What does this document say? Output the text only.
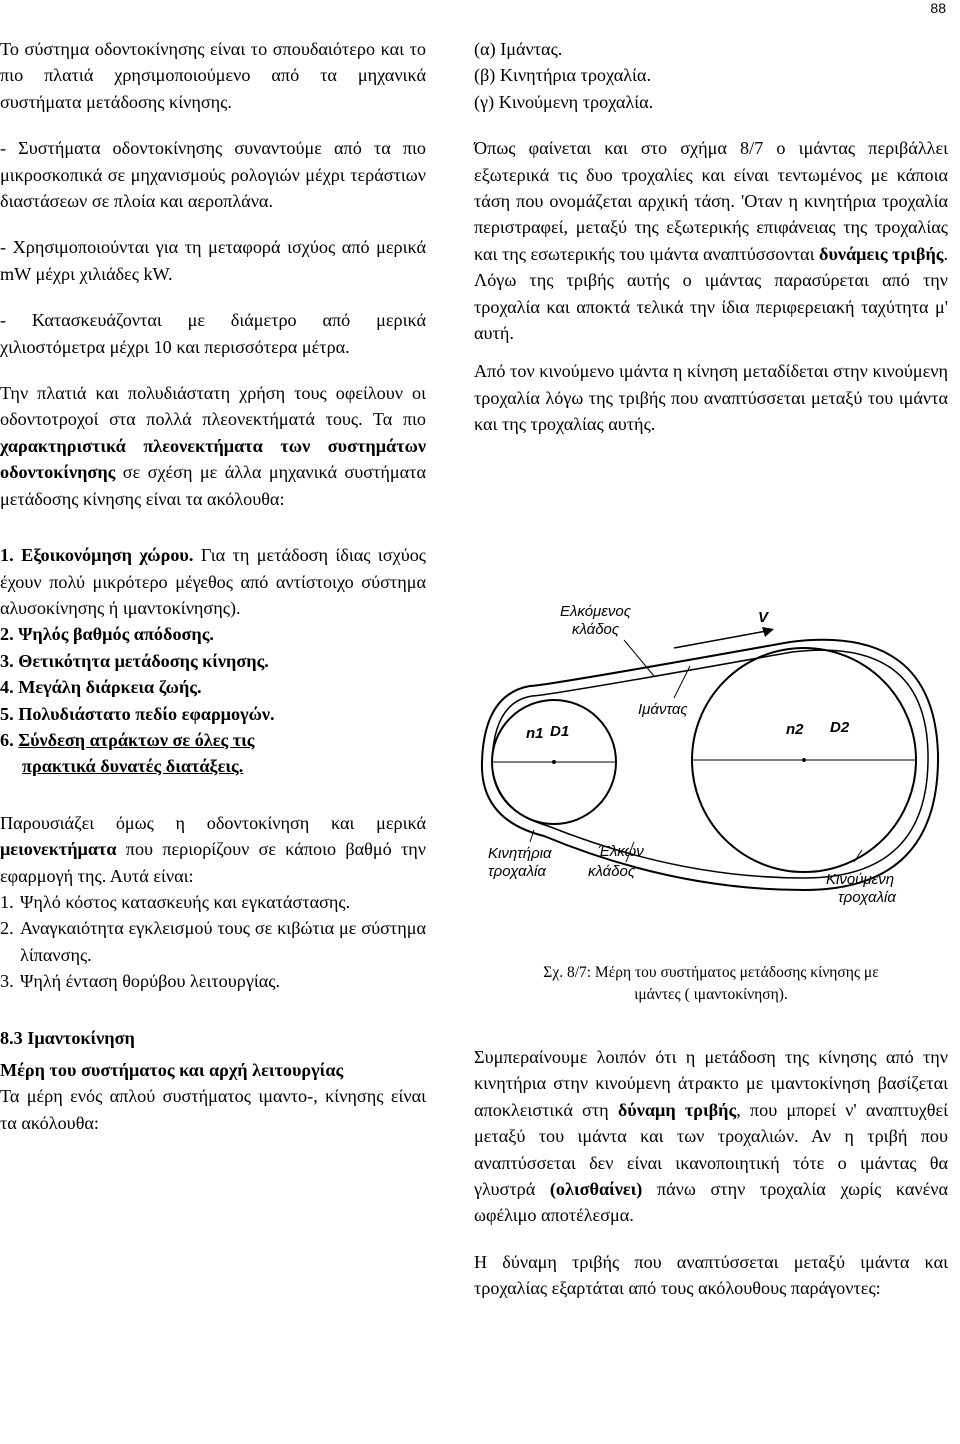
88

Το σύστημα οδοντοκίνησης είναι το σπουδαιότερο και το πιο πλατιά χρησιμοποιούμενο από τα μηχανικά συστήματα μετάδοσης κίνησης.

- Συστήματα οδοντοκίνησης συναντούμε από τα πιο μικροσκοπικά σε μηχανισμούς ρολογιών μέχρι τεράστιων διαστάσεων σε πλοία και αεροπλάνα.

- Χρησιμοποιούνται για τη μεταφορά ισχύος από μερικά mW μέχρι χιλιάδες kW.

- Κατασκευάζονται με διάμετρο από μερικά χιλιοστόμετρα μέχρι 10 και περισσότερα μέτρα.

Την πλατιά και πολυδιάστατη χρήση τους οφείλουν οι οδοντοτροχοί στα πολλά πλεονεκτήματά τους. Τα πιο χαρακτηριστικά πλεονεκτήματα των συστημάτων οδοντοκίνησης σε σχέση με άλλα μηχανικά συστήματα μετάδοσης κίνησης είναι τα ακόλουθα:

1. Εξοικονόμηση χώρου. Για τη μετάδοση ίδιας ισχύος έχουν πολύ μικρότερο μέγεθος από αντίστοιχο σύστημα αλυσοκίνησης ή ιμαντοκίνησης).

2. Ψηλός βαθμός απόδοσης.

3. Θετικότητα μετάδοσης κίνησης.

4. Μεγάλη διάρκεια ζωής.

5. Πολυδιάστατο πεδίο εφαρμογών.

6. Σύνδεση ατράκτων σε όλες τις
πρακτικά δυνατές διατάξεις.

Παρουσιάζει όμως η οδοντοκίνηση και μερικά μειονεκτήματα που περιορίζουν σε κάποιο βαθμό την εφαρμογή της. Αυτά είναι:

1. Ψηλό κόστος κατασκευής και εγκατάστασης.

2. Αναγκαιότητα εγκλεισμού τους σε κιβώτια με σύστημα λίπανσης.

3. Ψηλή ένταση θορύβου λειτουργίας.

8.3 Ιμαντοκίνηση

Μέρη του συστήματος και αρχή λειτουργίας

Τα μέρη ενός απλού συστήματος ιμαντο-, κίνησης είναι τα ακόλουθα:

(α) Ιμάντας.

(β) Κινητήρια τροχαλία.

(γ) Κινούμενη τροχαλία.

Όπως φαίνεται και στο σχήμα 8/7 ο ιμάντας περιβάλλει εξωτερικά τις δυο τροχαλίες και είναι τεντωμένος με κάποια τάση που ονομάζεται αρχική τάση. 'Οταν η κινητήρια τροχαλία περιστραφεί, μεταξύ της εξωτερικής επιφάνειας της τροχαλίας και της εσωτερικής του ιμάντα αναπτύσσονται δυνάμεις τριβής. Λόγω της τριβής αυτής ο ιμάντας παρασύρεται από την τροχαλία και αποκτά τελικά την ίδια περιφερειακή ταχύτητα μ' αυτή.

Από τον κινούμενο ιμάντα η κίνηση μεταδίδεται στην κινούμενη τροχαλία λόγω της τριβής που αναπτύσσεται μεταξύ του ιμάντα και της τροχαλίας αυτής.

Ελκόμενος
κλάδος
V
Ιμάντας
n1 D1	n2 D2
Κινητήρια
τροχαλία
Έλκων
κλάδος	Κινούμενη
τροχαλία

Σχ. 8/7: Μέρη του συστήματος μετάδοσης κίνησης με

ιμάντες ( ιμαντοκίνηση).

Συμπεραίνουμε λοιπόν ότι η μετάδοση της κίνησης από την κινητήρια στην κινούμενη άτρακτο με ιμαντοκίνηση βασίζεται αποκλειστικά στη δύναμη τριβής, που μπορεί ν' αναπτυχθεί μεταξύ του ιμάντα και των τροχαλιών. Αν η τριβή που αναπτύσσεται δεν είναι ικανοποιητική τότε ο ιμάντας θα γλυστρά (ολισθαίνει) πάνω στην τροχαλία χωρίς κανένα ωφέλιμο αποτέλεσμα.

Η δύναμη τριβής που αναπτύσσεται μεταξύ ιμάντα και τροχαλίας εξαρτάται από τους ακόλουθους παράγοντες:
